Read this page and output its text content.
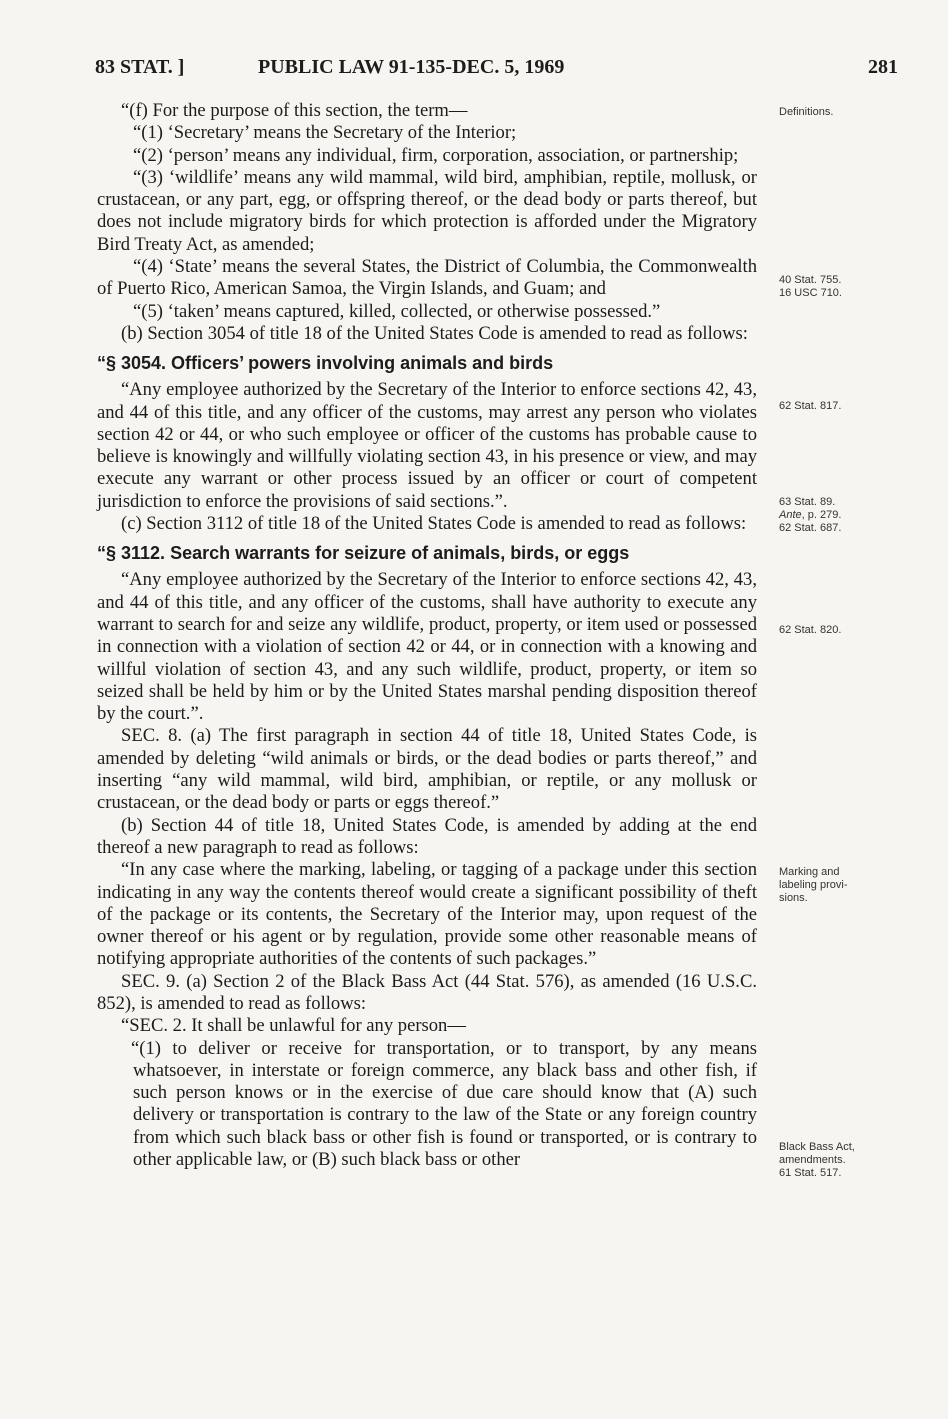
83 STAT. ]	PUBLIC LAW 91-135-DEC. 5, 1969	281

“(f) For the purpose of this section, the term—

“(1) ‘Secretary’ means the Secretary of the Interior;

“(2) ‘person’ means any individual, firm, corporation, association, or partnership;

“(3) ‘wildlife’ means any wild mammal, wild bird, amphibian, reptile, mollusk, or crustacean, or any part, egg, or offspring thereof, or the dead body or parts thereof, but does not include migratory birds for which protection is afforded under the Migratory Bird Treaty Act, as amended;

“(4) ‘State’ means the several States, the District of Columbia, the Commonwealth of Puerto Rico, American Samoa, the Virgin Islands, and Guam; and

“(5) ‘taken’ means captured, killed, collected, or otherwise possessed.”

(b) Section 3054 of title 18 of the United States Code is amended to read as follows:

“§ 3054. Officers’ powers involving animals and birds

“Any employee authorized by the Secretary of the Interior to enforce sections 42, 43, and 44 of this title, and any officer of the customs, may arrest any person who violates section 42 or 44, or who such employee or officer of the customs has probable cause to believe is knowingly and willfully violating section 43, in his presence or view, and may execute any warrant or other process issued by an officer or court of competent jurisdiction to enforce the provisions of said sections.”.

(c) Section 3112 of title 18 of the United States Code is amended to read as follows:

“§ 3112. Search warrants for seizure of animals, birds, or eggs

“Any employee authorized by the Secretary of the Interior to enforce sections 42, 43, and 44 of this title, and any officer of the customs, shall have authority to execute any warrant to search for and seize any wildlife, product, property, or item used or possessed in connection with a violation of section 42 or 44, or in connection with a knowing and willful violation of section 43, and any such wildlife, product, property, or item so seized shall be held by him or by the United States marshal pending disposition thereof by the court.”.

SEC. 8. (a) The first paragraph in section 44 of title 18, United States Code, is amended by deleting “wild animals or birds, or the dead bodies or parts thereof,” and inserting “any wild mammal, wild bird, amphibian, or reptile, or any mollusk or crustacean, or the dead body or parts or eggs thereof.”

(b) Section 44 of title 18, United States Code, is amended by adding at the end thereof a new paragraph to read as follows:

“In any case where the marking, labeling, or tagging of a package under this section indicating in any way the contents thereof would create a significant possibility of theft of the package or its contents, the Secretary of the Interior may, upon request of the owner thereof or his agent or by regulation, provide some other reasonable means of notifying appropriate authorities of the contents of such packages.”

SEC. 9. (a) Section 2 of the Black Bass Act (44 Stat. 576), as amended (16 U.S.C. 852), is amended to read as follows:

“SEC. 2. It shall be unlawful for any person—

“(1) to deliver or receive for transportation, or to transport, by any means whatsoever, in interstate or foreign commerce, any black bass and other fish, if such person knows or in the exercise of due care should know that (A) such delivery or transportation is contrary to the law of the State or any foreign country from which such black bass or other fish is found or transported, or is contrary to other applicable law, or (B) such black bass or other

Definitions.
40 Stat. 755.
16 USC 710.
62 Stat. 817.
63 Stat. 89.
Ante, p. 279.
62 Stat. 687.
62 Stat. 820.
Marking and
labeling provi-
sions.
Black Bass Act,
amendments.
61 Stat. 517.
